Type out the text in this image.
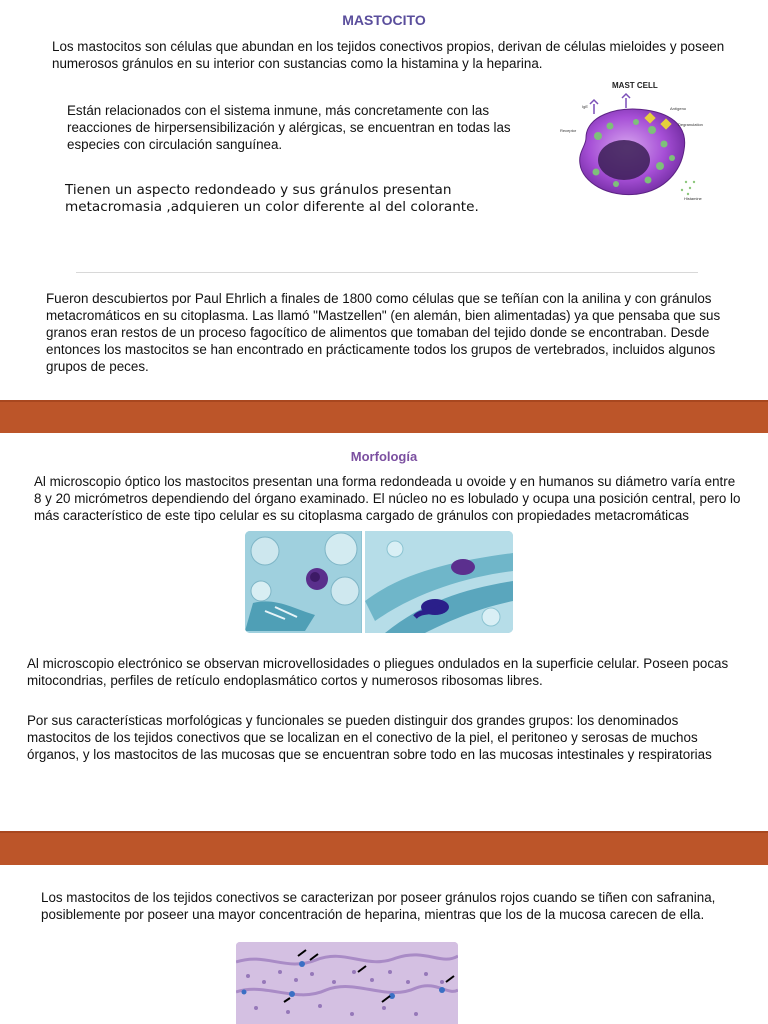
MASTOCITO

Los mastocitos son células que abundan en los tejidos conectivos propios, derivan de células mieloides y poseen numerosos gránulos en su interior con sustancias como la histamina y la heparina.

Están relacionados con el sistema inmune, más concretamente con las reacciones de hirpersensibilización y alérgicas, se encuentran en todas las especies con circulación sanguínea.

Tienen un aspecto redondeado y sus gránulos presentan metacromasia ,adquieren un color diferente al del colorante.

MAST CELL
IgE	Antígeno
Receptor
Degranulation
Histamine

Fueron descubiertos por Paul Ehrlich a finales de 1800 como células que se teñían con la anilina y con gránulos metacromáticos en su citoplasma. Las llamó "Mastzellen" (en alemán, bien alimentadas) ya que pensaba que sus granos eran restos de un proceso fagocítico de alimentos que tomaban del tejido donde se encontraban. Desde entonces los mastocitos se han encontrado en prácticamente todos los grupos de vertebrados, incluidos algunos grupos de peces.

Morfología

Al microscopio óptico los mastocitos presentan una forma redondeada u ovoide y en humanos su diámetro varía entre 8 y 20 micrómetros dependiendo del órgano examinado. El núcleo no es lobulado y ocupa una posición central, pero lo más característico de este tipo celular es su citoplasma cargado de gránulos con propiedades metacromáticas

Al microscopio electrónico se observan microvellosidades o pliegues ondulados en la superficie celular. Poseen pocas mitocondrias, perfiles de retículo endoplasmático cortos y numerosos ribosomas libres.

Por sus características morfológicas y funcionales se pueden distinguir dos grandes grupos: los denominados mastocitos de los tejidos conectivos que se localizan en el conectivo de la piel, el peritoneo y serosas de muchos órganos, y los mastocitos de las mucosas que se encuentran sobre todo en las mucosas intestinales y respiratorias

Los mastocitos de los tejidos conectivos se caracterizan por poseer gránulos rojos cuando se tiñen con safranina, posiblemente por poseer una mayor concentración de heparina, mientras que los de la mucosa carecen de ella.
